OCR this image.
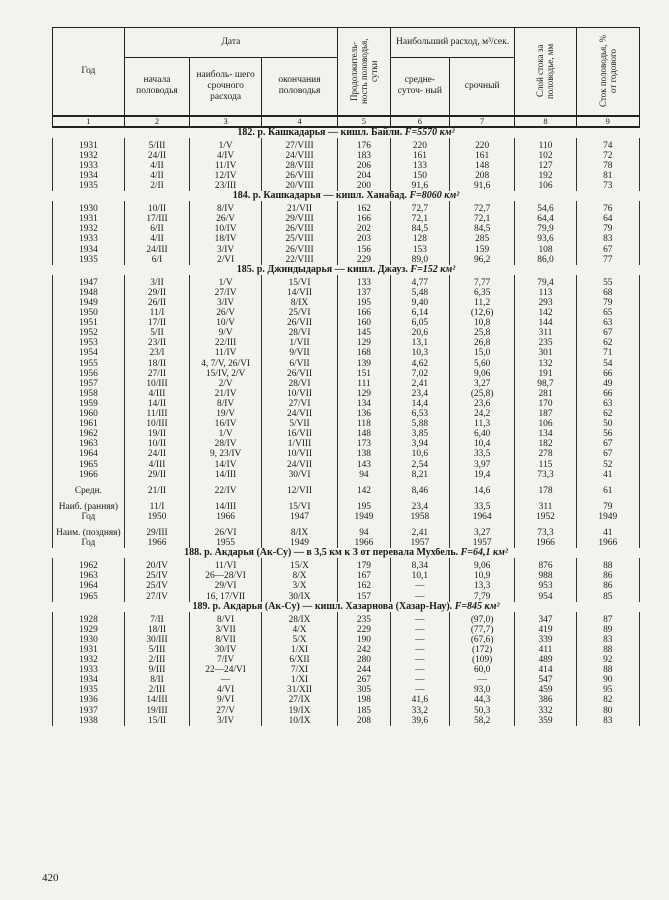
Год	Дата			Продолжитель- ность половодья, сутки	Наибольший расход, м³/сек.		Слой стока за половодье, мм	Сток половодья, % от годового

	начала половодья	наиболь- шего срочного расхода	окончания половодья		средне- суточ- ный	срочный		
1	2	3	4	5	6	7	8	9
182. р. Кашкадарья — кишл. Байли. F=5570 км²								
1931	5/III	1/V	27/VIII	176	220	220	110	74
1932	24/II	4/IV	24/VIII	183	161	161	102	72
1933	4/II	11/IV	28/VIII	206	133	148	127	78
1934	4/II	12/IV	26/VIII	204	150	208	192	81
1935	2/II	23/III	20/VIII	200	91,6	91,6	106	73
184. р. Кашкадарья — кишл. Ханабад. F=8060 км²								
1930	10/II	8/IV	21/VII	162	72,7	72,7	54,6	76
1931	17/III	26/V	29/VIII	166	72,1	72,1	64,4	64
1932	6/II	10/IV	26/VIII	202	84,5	84,5	79,9	79
1933	4/II	18/IV	25/VIII	203	128	285	93,6	83
1934	24/III	3/IV	26/VIII	156	153	159	108	67
1935	6/I	2/VI	22/VIII	229	89,0	96,2	86,0	77
185. р. Джиндыдарья — кишл. Джауз. F=152 км²								
1947	3/II	1/V	15/VI	133	4,77	7,77	79,4	55
1948	29/II	27/IV	14/VII	137	5,48	6,35	113	68
1949	26/II	3/IV	8/IX	195	9,40	11,2	293	79
1950	11/I	26/V	25/VI	166	6,14	(12,6)	142	65
1951	17/II	10/V	26/VII	160	6,05	10,8	144	63
1952	5/II	9/V	28/VI	145	20,6	25,8	311	67
1953	23/II	22/III	1/VII	129	13,1	26,8	235	62
1954	23/I	11/IV	9/VII	168	10,3	15,0	301	71
1955	18/II	4, 7/V, 26/VI	6/VII	139	4,62	5,60	132	54
1956	27/II	15/IV, 2/V	26/VII	151	7,02	9,06	191	66
1957	10/III	2/V	28/VI	111	2,41	3,27	98,7	49
1958	4/III	21/IV	10/VII	129	23,4	(25,8)	281	66
1959	14/II	8/IV	27/VI	134	14,4	23,6	170	63
1960	11/III	19/V	24/VII	136	6,53	24,2	187	62
1961	10/III	16/IV	5/VII	118	5,88	11,3	106	50
1962	19/II	1/V	16/VII	148	3,85	6,40	134	56
1963	10/II	28/IV	1/VIII	173	3,94	10,4	182	67
1964	24/II	9, 23/IV	10/VII	138	10,6	33,5	278	67
1965	4/III	14/IV	24/VII	143	2,54	3,97	115	52
1966	29/II	14/III	30/VI	94	8,21	19,4	73,3	41

Средн.	21/II	22/IV	12/VII	142	8,46	14,6	178	61

Наиб. (ранняя)	11/I	14/III	15/VI	195	23,4	33,5	311	79
Год	1950	1966	1947	1949	1958	1964	1952	1949

Наим. (поздняя)	29/III	26/VI	8/IX	94	2,41	3,27	73,3	41
Год	1966	1955	1949	1966	1957	1957	1966	1966
188. р. Акдарья (Ак-Су) — в 3,5 км к З от перевала Мухбель. F=64,1 км²								
1962	20/IV	11/VI	15/X	179	8,34	9,06	876	88
1963	25/IV	26—28/VI	8/X	167	10,1	10,9	988	86
1964	25/IV	29/VI	3/X	162	—	13,3	953	86
1965	27/IV	16, 17/VII	30/IX	157	—	7,79	954	85
189. р. Акдарья (Ак-Су) — кишл. Хазарнова (Хазар-Нау). F=845 км²								
1928	7/II	8/VI	28/IX	235	—	(97,0)	347	87
1929	18/II	3/VII	4/X	229	—	(77,7)	419	89
1930	30/III	8/VII	5/X	190	—	(67,6)	339	83
1931	5/III	30/IV	1/XI	242	—	(172)	411	88
1932	2/III	7/IV	6/XII	280	—	(109)	489	92
1933	9/III	22—24/VI	7/XI	244	—	60,0	414	88
1934	8/II	—	1/XI	267	—	—	547	90
1935	2/III	4/VI	31/XII	305	—	93,0	459	95
1936	14/III	9/VI	27/IX	198	41,6	44,3	386	82
1937	19/III	27/V	19/IX	185	33,2	50,3	332	80
1938	15/II	3/IV	10/IX	208	39,6	58,2	359	83
420
